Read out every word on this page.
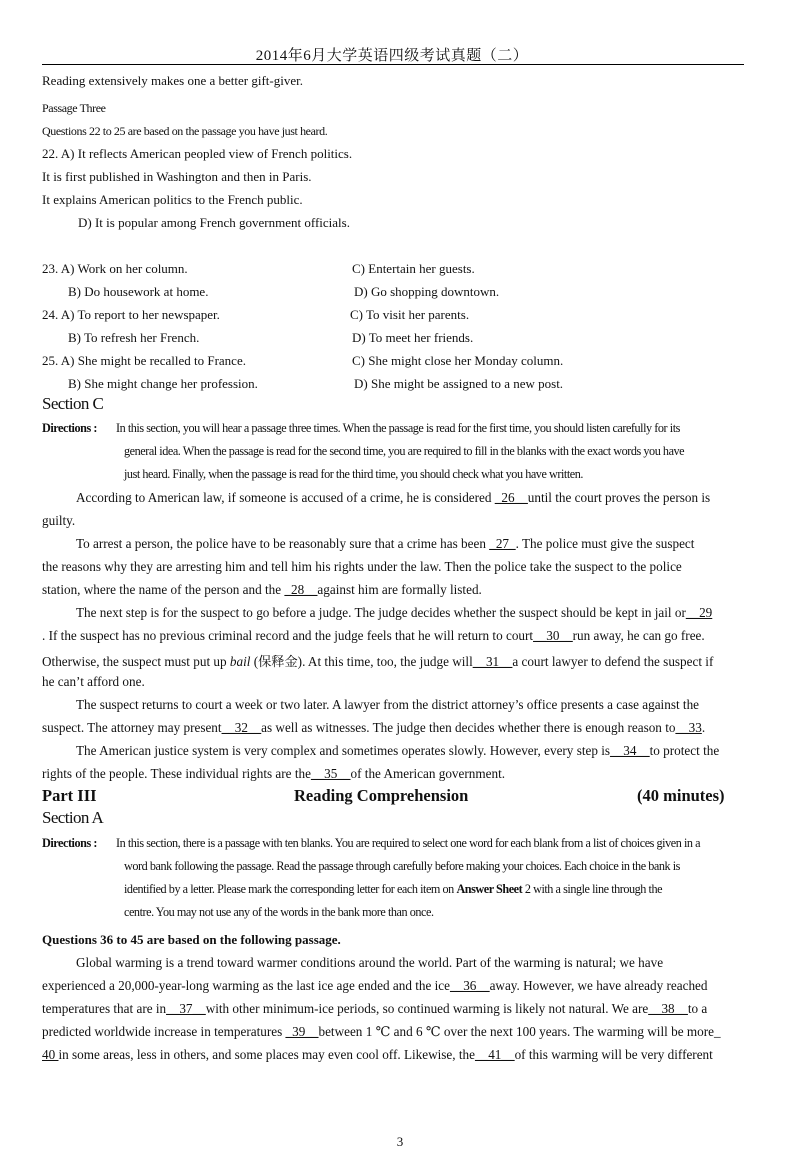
2014年6月大学英语四级考试真题（二）
Reading extensively makes one a better gift-giver.
Passage Three
Questions 22 to 25 are based on the passage you have just heard.
22. A) It reflects American peopled view of French politics.
It is first published in Washington and then in Paris.
It explains American politics to the French public.
D) It is popular among French government officials.
23. A) Work on her column.	C) Entertain her guests.
B) Do housework at home.	D) Go shopping downtown.
24. A) To report to her newspaper.	C) To visit her parents.
B) To refresh her French.	D) To meet her friends.
25. A) She might be recalled to France.	C) She might close her Monday column.
B) She might change her profession.	D) She might be assigned to a new post.
Section C
Directions : In this section, you will hear a passage three times. When the passage is read for the first time, you should listen carefully for its
general idea. When the passage is read for the second time, you are required to fill in the blanks with the exact words you have
just heard. Finally, when the passage is read for the third time, you should check what you have written.
According to American law, if someone is accused of a crime, he is considered _26__until the court proves the person is
guilty.
To arrest a person, the police have to be reasonably sure that a crime has been _27_. The police must give the suspect
the reasons why they are arresting him and tell him his rights under the law. Then the police take the suspect to the police
station, where the name of the person and the _28__against him are formally listed.
The next step is for the suspect to go before a judge. The judge decides whether the suspect should be kept in jail or__29
. If the suspect has no previous criminal record and the judge feels that he will return to court__30__run away, he can go free.
Otherwise, the suspect must put up bail (保释金). At this time, too, the judge will__31__a court lawyer to defend the suspect if
he can’t afford one.
The suspect returns to court a week or two later. A lawyer from the district attorney’s office presents a case against the
suspect. The attorney may present__32__as well as witnesses. The judge then decides whether there is enough reason to__33.
The American justice system is very complex and sometimes operates slowly. However, every step is__34__to protect the
rights of the people. These individual rights are the__35__of the American government.
Part III	Reading Comprehension	(40 minutes)
Section A
Directions : In this section, there is a passage with ten blanks. You are required to select one word for each blank from a list of choices given in a
word bank following the passage. Read the passage through carefully before making your choices. Each choice in the bank is
identified by a letter. Please mark the corresponding letter for each item on Answer Sheet 2 with a single line through the
centre. You may not use any of the words in the bank more than once.
Questions 36 to 45 are based on the following passage.
Global warming is a trend toward warmer conditions around the world. Part of the warming is natural; we have
experienced a 20,000-year-long warming as the last ice age ended and the ice__36__away. However, we have already reached
temperatures that are in__37__with other minimum-ice periods, so continued warming is likely not natural. We are__38__to a
predicted worldwide increase in temperatures _39__between 1 ℃ and 6 ℃ over the next 100 years. The warming will be more_
40 in some areas, less in others, and some places may even cool off. Likewise, the__41__of this warming will be very different
3
